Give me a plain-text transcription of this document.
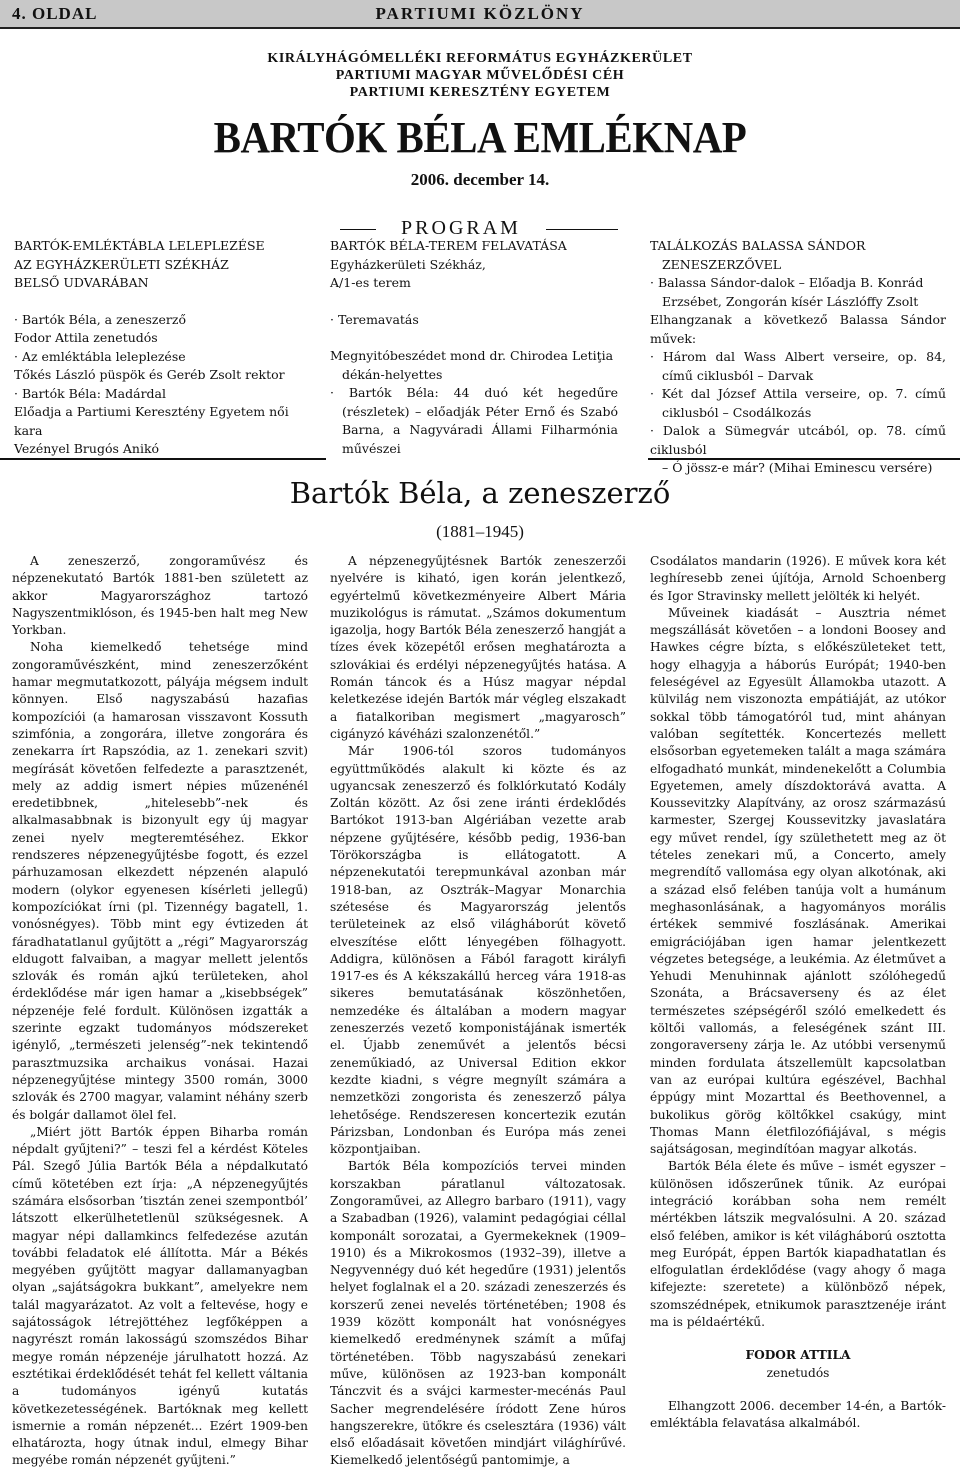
4. OLDAL	PARTIUMI KÖZLÖNY
KIRÁLYHÁGÓMELLÉKI REFORMÁTUS EGYHÁZKERÜLET
PARTIUMI MAGYAR MŰVELŐDÉSI CÉH
PARTIUMI KERESZTÉNY EGYETEM
BARTÓK BÉLA EMLÉKNAP
2006. december 14.
PROGRAM

BARTÓK-EMLÉKTÁBLA LELEPLEZÉSE

AZ EGYHÁZKERÜLETI SZÉKHÁZ

BELSŐ UDVARÁBAN

· Bartók Béla, a zeneszerző

Fodor Attila zenetudós

· Az emléktábla leleplezése

Tőkés László püspök és Geréb Zsolt rektor

· Bartók Béla: Madárdal

Előadja a Partiumi Keresztény Egyetem női kara

Vezényel Brugós Anikó

BARTÓK BÉLA-TEREM FELAVATÁSA

Egyházkerületi Székház,

A/1-es terem

· Teremavatás

Megnyitóbeszédet mond dr. Chirodea Letiţia

dékán-helyettes

· Bartók Béla: 44 duó két hegedűre (részletek) – előadják Péter Ernő és Szabó Barna, a Nagyváradi Állami Filharmónia művészei

TALÁLKOZÁS BALASSA SÁNDOR

ZENESZERZŐVEL

· Balassa Sándor-dalok – Előadja B. Konrád

Erzsébet, Zongorán kísér Lászlóffy Zsolt

Elhangzanak a következő Balassa Sándor művek:

· Három dal Wass Albert verseire, op. 84, című ciklusból – Darvak

· Két dal József Attila verseire, op. 7. című ciklusból – Csodálkozás

· Dalok a Sümegvár utcából, op. 78. című ciklusból

– Ó jössz-e már? (Mihai Eminescu versére)

Bartók Béla, a zeneszerző
(1881–1945)

A zeneszerző, zongoraművész és népzenekutató Bartók 1881-ben született az akkor Magyarországhoz tartozó Nagyszentmiklóson, és 1945-ben halt meg New Yorkban.

Noha kiemelkedő tehetsége mind zongoraművészként, mind zeneszerzőként hamar megmutatkozott, pályája mégsem indult könnyen. Első nagyszabású hazafias kompozíciói (a hamarosan visszavont Kossuth szimfónia, a zongorára, illetve zongorára és zenekarra írt Rapszódia, az 1. zenekari szvit) megírását követően felfedezte a parasztzenét, mely az addig ismert népies műzenénél eredetibbnek, „hitelesebb”-nek és alkalmasabbnak is bizonyult egy új magyar zenei nyelv megteremtéséhez. Ekkor rendszeres népzenegyűjtésbe fogott, és ezzel párhuzamosan elkezdett népzenén alapuló modern (olykor egyenesen kísérleti jellegű) kompozíciókat írni (pl. Tizennégy bagatell, 1. vonósnégyes). Több mint egy évtizeden át fáradhatatlanul gyűjtött a „régi” Magyarország eldugott falvaiban, a magyar mellett jelentős szlovák és román ajkú területeken, ahol érdeklődése már igen hamar a „kisebbségek” népzenéje felé fordult. Különösen izgatták a szerinte egzakt tudományos módszereket igénylő, „természeti jelenség”-nek tekintendő parasztmuzsika archaikus vonásai. Hazai népzenegyűjtése mintegy 3500 román, 3000 szlovák és 2700 magyar, valamint néhány szerb és bolgár dallamot ölel fel.

„Miért jött Bartók éppen Biharba román népdalt gyűjteni?” – teszi fel a kérdést Köteles Pál. Szegő Júlia Bartók Béla a népdalkutató című kötetében ezt írja: „A népzenegyűjtés számára elsősorban ’tisztán zenei szempontból’ látszott elkerülhetetlenül szükségesnek. A magyar népi dallamkincs felfedezése azután további feladatok elé állította. Már a Békés megyében gyűjtött magyar dallamanyagban olyan „sajátságokra bukkant”, amelyekre nem talál magyarázatot. Az volt a feltevése, hogy e sajátosságok létrejöttéhez legfőképpen a nagyrészt román lakosságú szomszédos Bihar megye román népzenéje járulhatott hozzá. Az esztétikai érdeklődését tehát fel kellett váltania a tudományos igényű kutatás következetességének. Bartóknak meg kellett ismernie a román népzenét... Ezért 1909-ben elhatározta, hogy útnak indul, elmegy Bihar megyébe román népzenét gyűjteni.”

A népzenegyűjtésnek Bartók zeneszerzői nyelvére is kiható, igen korán jelentkező, egyértelmű következményeire Albert Mária muzikológus is rámutat. „Számos dokumentum igazolja, hogy Bartók Béla zeneszerző hangját a tízes évek közepétől erősen meghatározta a szlovákiai és erdélyi népzenegyűjtés hatása. A Román táncok és a Húsz magyar népdal keletkezése idején Bartók már végleg elszakadt a fiatalkoriban megismert „magyarosch” cigányzó kávéházi szalonzenétől.”

Már 1906-tól szoros tudományos együttműködés alakult ki közte és az ugyancsak zeneszerző és folklórkutató Kodály Zoltán között. Az ősi zene iránti érdeklődés Bartókot 1913-ban Algériában vezette arab népzene gyűjtésére, később pedig, 1936-ban Törökországba is ellátogatott. A népzenekutatói terepmunkával azonban már 1918-ban, az Osztrák–Magyar Monarchia szétesése és Magyarország jelentős területeinek az első világháborút követő elveszítése előtt lényegében fölhagyott. Addigra, különösen a Fából faragott királyfi 1917-es és A kékszakállú herceg vára 1918-as sikeres bemutatásának köszönhetően, nemzedéke és általában a modern magyar zeneszerzés vezető komponistájának ismerték el. Újabb zeneművét a jelentős bécsi zeneműkiadó, az Universal Edition ekkor kezdte kiadni, s végre megnyílt számára a nemzetközi zongorista és zeneszerző pálya lehetősége. Rendszeresen koncertezik ezután Párizsban, Londonban és Európa más zenei központjaiban.

Bartók Béla kompozíciós tervei minden korszakban páratlanul változatosak. Zongoraművei, az Allegro barbaro (1911), vagy a Szabadban (1926), valamint pedagógiai céllal komponált sorozatai, a Gyermekeknek (1909–1910) és a Mikrokosmos (1932–39), illetve a Negyvennégy duó két hegedűre (1931) jelentős helyet foglalnak el a 20. századi zeneszerzés és korszerű zenei nevelés történetében; 1908 és 1939 között komponált hat vonósnégyes kiemelkedő eredménynek számít a műfaj történetében. Több nagyszabású zenekari műve, különösen az 1923-ban komponált Tánczvit és a svájci karmester-mecénás Paul Sacher megrendelésére íródott Zene húros hangszerekre, ütőkre és cselesztára (1936) vált első előadásait követően mindjárt világhírűvé. Kiemelkedő jelentőségű pantomimje, a

Csodálatos mandarin (1926). E művek kora két leghíresebb zenei újítója, Arnold Schoenberg és Igor Stravinsky mellett jelölték ki helyét.

Műveinek kiadását – Ausztria német megszállását követően – a londoni Boosey and Hawkes cégre bízta, s előkészületeket tett, hogy elhagyja a háborús Európát; 1940-ben feleségével az Egyesült Államokba utazott. A külvilág nem viszonozta empátiáját, az utókor sokkal több támogatóról tud, mint ahányan valóban segítették. Koncertezés mellett elsősorban egyetemeken talált a maga számára elfogadható munkát, mindenekelőtt a Columbia Egyetemen, amely díszdoktorává avatta. A Koussevitzky Alapítvány, az orosz származású karmester, Szergej Koussevitzky javaslatára egy művet rendel, így születhetett meg az öt tételes zenekari mű, a Concerto, amely megrendítő vallomása egy olyan alkotónak, aki a század első felében tanúja volt a humánum meghasonlásának, a hagyományos morális értékek semmivé foszlásának. Amerikai emigrációjában igen hamar jelentkezett végzetes betegsége, a leukémia. Az életművet a Yehudi Menuhinnak ajánlott szólóhegedű Szonáta, a Brácsaverseny és az élet természetes szépségéről szóló emelkedett és költői vallomás, a feleségének szánt III. zongoraverseny zárja le. Az utóbbi versenymű minden fordulata átszellemült kapcsolatban van az európai kultúra egészével, Bachhal éppúgy mint Mozarttal és Beethovennel, a bukolikus görög költőkkel csakúgy, mint Thomas Mann életfilozófiájával, s mégis sajátságosan, megindítóan magyar alkotás.

Bartók Béla élete és műve – ismét egyszer – különösen időszerűnek tűnik. Az európai integráció korábban soha nem remélt mértékben látszik megvalósulni. A 20. század első felében, amikor is két világháború osztotta meg Európát, éppen Bartók kiapadhatatlan és elfogulatlan érdeklődése (vagy ahogy ő maga kifejezte: szeretete) a különböző népek, szomszédnépek, etnikumok parasztzenéje iránt ma is példaértékű.

FODOR ATTILA

zenetudós

Elhangzott 2006. december 14-én, a Bartók-emléktábla felavatása alkalmából.
